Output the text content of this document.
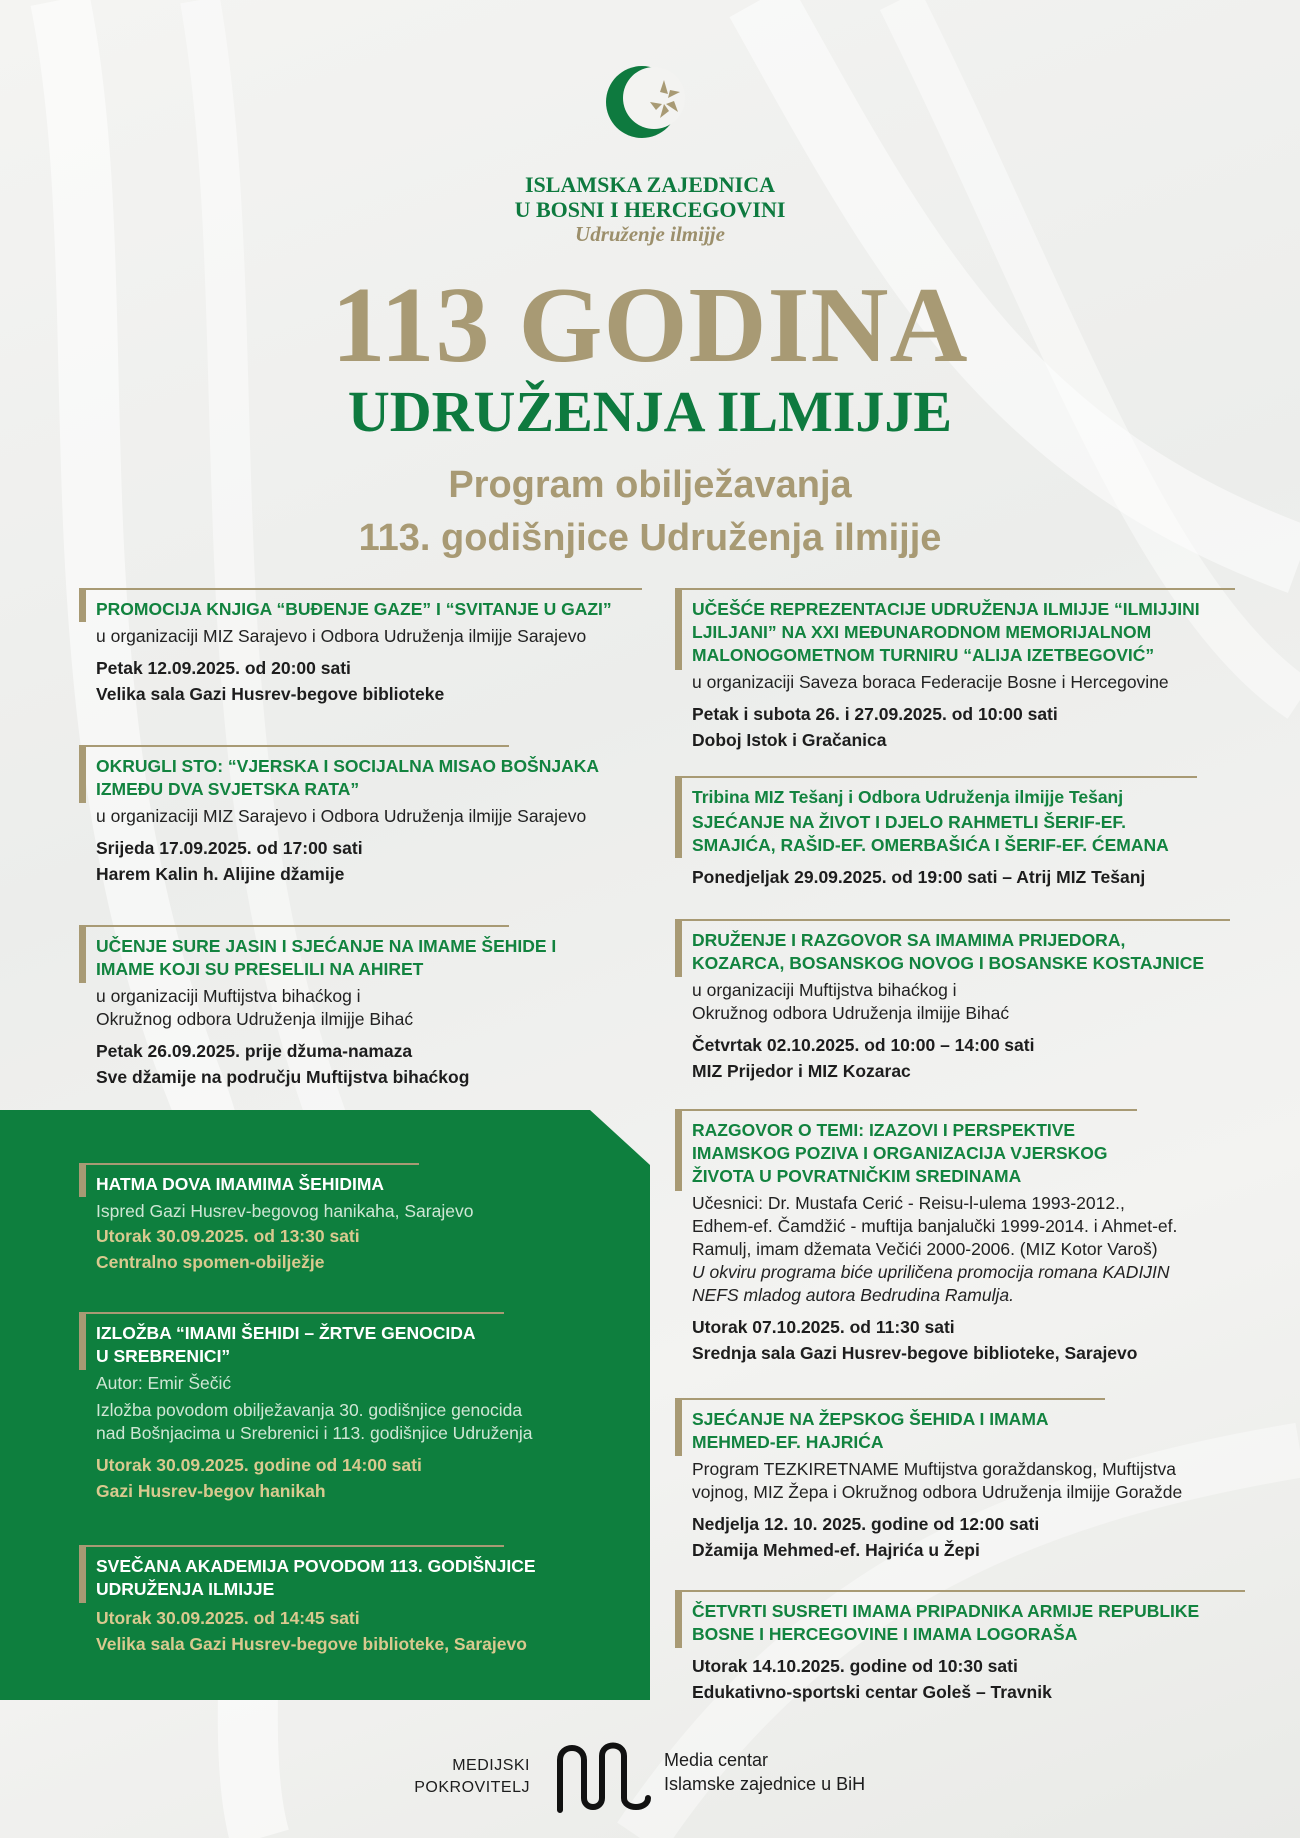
ISLAMSKA ZAJEDNICA
U BOSNI I HERCEGOVINI
Udruženje ilmijje
113 GODINA
UDRUŽENJA ILMIJJE
Program obilježavanja
113. godišnjice Udruženja ilmijje
PROMOCIJA KNJIGA “BUĐENJE GAZE” I “SVITANJE U GAZI”
u organizaciji MIZ Sarajevo i Odbora Udruženja ilmijje Sarajevo
Petak 12.09.2025. od 20:00 sati
Velika sala Gazi Husrev-begove biblioteke
OKRUGLI STO: “VJERSKA I SOCIJALNA MISAO BOŠNJAKA
IZMEĐU DVA SVJETSKA RATA”
u organizaciji MIZ Sarajevo i Odbora Udruženja ilmijje Sarajevo
Srijeda 17.09.2025. od 17:00 sati
Harem Kalin h. Alijine džamije
UČENJE SURE JASIN I SJEĆANJE NA IMAME ŠEHIDE I
IMAME KOJI SU PRESELILI NA AHIRET
u organizaciji Muftijstva bihaćkog i
Okružnog odbora Udruženja ilmijje Bihać
Petak 26.09.2025. prije džuma-namaza
Sve džamije na području Muftijstva bihaćkog
HATMA DOVA IMAMIMA ŠEHIDIMA
Ispred Gazi Husrev-begovog hanikaha, Sarajevo
Utorak 30.09.2025. od 13:30 sati
Centralno spomen-obilježje
IZLOŽBA “IMAMI ŠEHIDI – ŽRTVE GENOCIDA
U SREBRENICI”
Autor: Emir Šečić
Izložba povodom obilježavanja 30. godišnjice genocida
nad Bošnjacima u Srebrenici i 113. godišnjice Udruženja
Utorak 30.09.2025. godine od 14:00 sati
Gazi Husrev-begov hanikah
SVEČANA AKADEMIJA POVODOM 113. GODIŠNJICE
UDRUŽENJA ILMIJJE
Utorak 30.09.2025. od 14:45 sati
Velika sala Gazi Husrev-begove biblioteke, Sarajevo
UČEŠĆE REPREZENTACIJE UDRUŽENJA ILMIJJE “ILMIJJINI
LJILJANI” NA XXI MEĐUNARODNOM MEMORIJALNOM
MALONOGOMETNOM TURNIRU “ALIJA IZETBEGOVIĆ”
u organizaciji Saveza boraca Federacije Bosne i Hercegovine
Petak i subota 26. i 27.09.2025. od 10:00 sati
Doboj Istok i Gračanica
Tribina MIZ Tešanj i Odbora Udruženja ilmijje Tešanj
SJEĆANJE NA ŽIVOT I DJELO RAHMETLI ŠERIF-EF.
SMAJIĆA, RAŠID-EF. OMERBAŠIĆA I ŠERIF-EF. ĆEMANA
Ponedjeljak 29.09.2025. od 19:00 sati – Atrij MIZ Tešanj
DRUŽENJE I RAZGOVOR SA IMAMIMA PRIJEDORA,
KOZARCA, BOSANSKOG NOVOG I BOSANSKE KOSTAJNICE
u organizaciji Muftijstva bihaćkog i
Okružnog odbora Udruženja ilmijje Bihać
Četvrtak 02.10.2025. od 10:00 – 14:00 sati
MIZ Prijedor i MIZ Kozarac
RAZGOVOR O TEMI: IZAZOVI I PERSPEKTIVE
IMAMSKOG POZIVA I ORGANIZACIJA VJERSKOG
ŽIVOTA U POVRATNIČKIM SREDINAMA
Učesnici: Dr. Mustafa Cerić - Reisu-l-ulema 1993-2012.,
Edhem-ef. Čamdžić - muftija banjalučki 1999-2014. i Ahmet-ef.
Ramulj, imam džemata Večići 2000-2006. (MIZ Kotor Varoš)
U okviru programa biće upriličena promocija romana KADIJIN
NEFS mladog autora Bedrudina Ramulja.
Utorak 07.10.2025. od 11:30 sati
Srednja sala Gazi Husrev-begove biblioteke, Sarajevo
SJEĆANJE NA ŽEPSKOG ŠEHIDA I IMAMA
MEHMED-EF. HAJRIĆA
Program TEZKIRETNAME Muftijstva goraždanskog, Muftijstva
vojnog, MIZ Žepa i Okružnog odbora Udruženja ilmijje Goražde
Nedjelja 12. 10. 2025. godine od 12:00 sati
Džamija Mehmed-ef. Hajrića u Žepi
ČETVRTI SUSRETI IMAMA PRIPADNIKA ARMIJE REPUBLIKE
BOSNE I HERCEGOVINE I IMAMA LOGORAŠA
Utorak 14.10.2025. godine od 10:30 sati
Edukativno-sportski centar Goleš – Travnik
MEDIJSKI
POKROVITELJ
Media centar
Islamske zajednice u BiH
